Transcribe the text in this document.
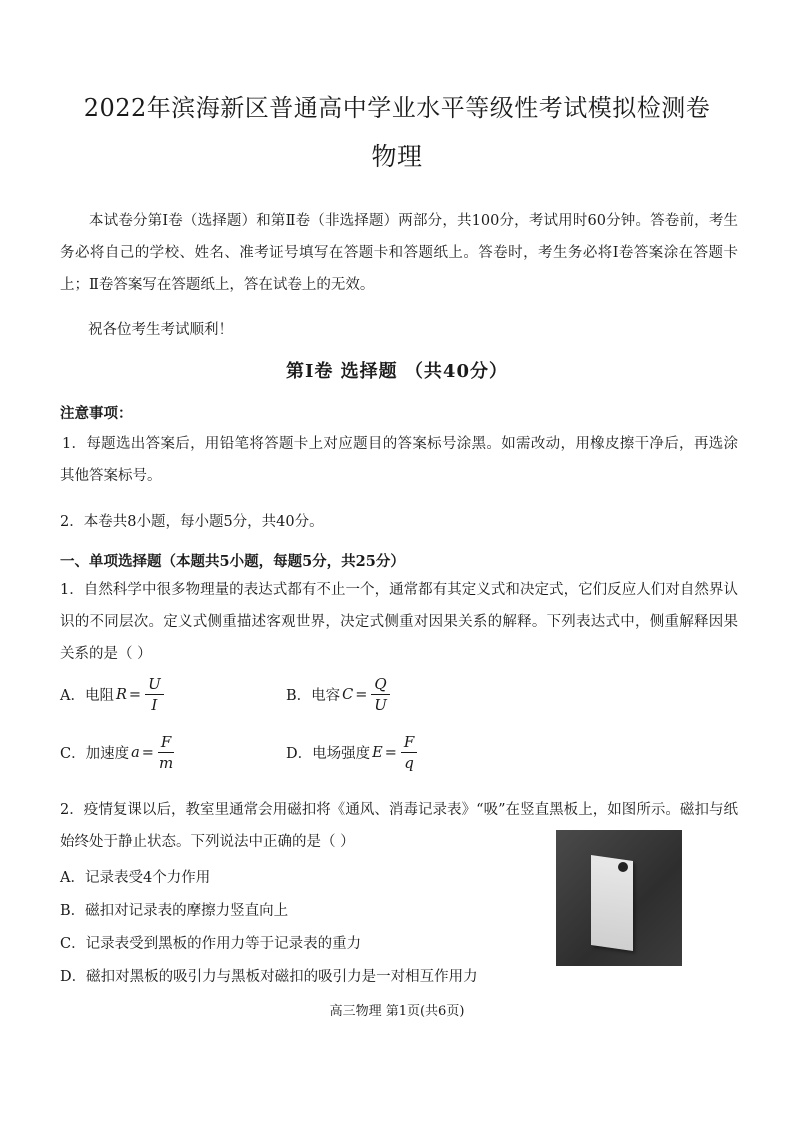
2022年滨海新区普通高中学业水平等级性考试模拟检测卷
物理
本试卷分第Ⅰ卷（选择题）和第Ⅱ卷（非选择题）两部分，共100分，考试用时60分钟。答卷前，考生务必将自己的学校、姓名、准考证号填写在答题卡和答题纸上。答卷时，考生务必将Ⅰ卷答案涂在答题卡上；Ⅱ卷答案写在答题纸上，答在试卷上的无效。
祝各位考生考试顺利！
第Ⅰ卷 选择题 （共40分）
注意事项：
1．每题选出答案后，用铅笔将答题卡上对应题目的答案标号涂黑。如需改动，用橡皮擦干净后，再选涂其他答案标号。
2．本卷共8小题，每小题5分，共40分。
一、单项选择题（本题共5小题，每题5分，共25分）
1．自然科学中很多物理量的表达式都有不止一个，通常都有其定义式和决定式，它们反应人们对自然界认识的不同层次。定义式侧重描述客观世界，决定式侧重对因果关系的解释。下列表达式中，侧重解释因果关系的是（ ）
A．电阻 $R = \frac{U}{I}$	B．电容 $C = \frac{Q}{U}$
C．加速度 $a = \frac{F}{m}$	D．电场强度 $E = \frac{F}{q}$
2．疫情复课以后，教室里通常会用磁扣将《通风、消毒记录表》“吸”在竖直黑板上，如图所示。磁扣与纸始终处于静止状态。下列说法中正确的是（ ）
A．记录表受4个力作用
B．磁扣对记录表的摩擦力竖直向上
C．记录表受到黑板的作用力等于记录表的重力
D．磁扣对黑板的吸引力与黑板对磁扣的吸引力是一对相互作用力
高三物理 第1页(共6页)
